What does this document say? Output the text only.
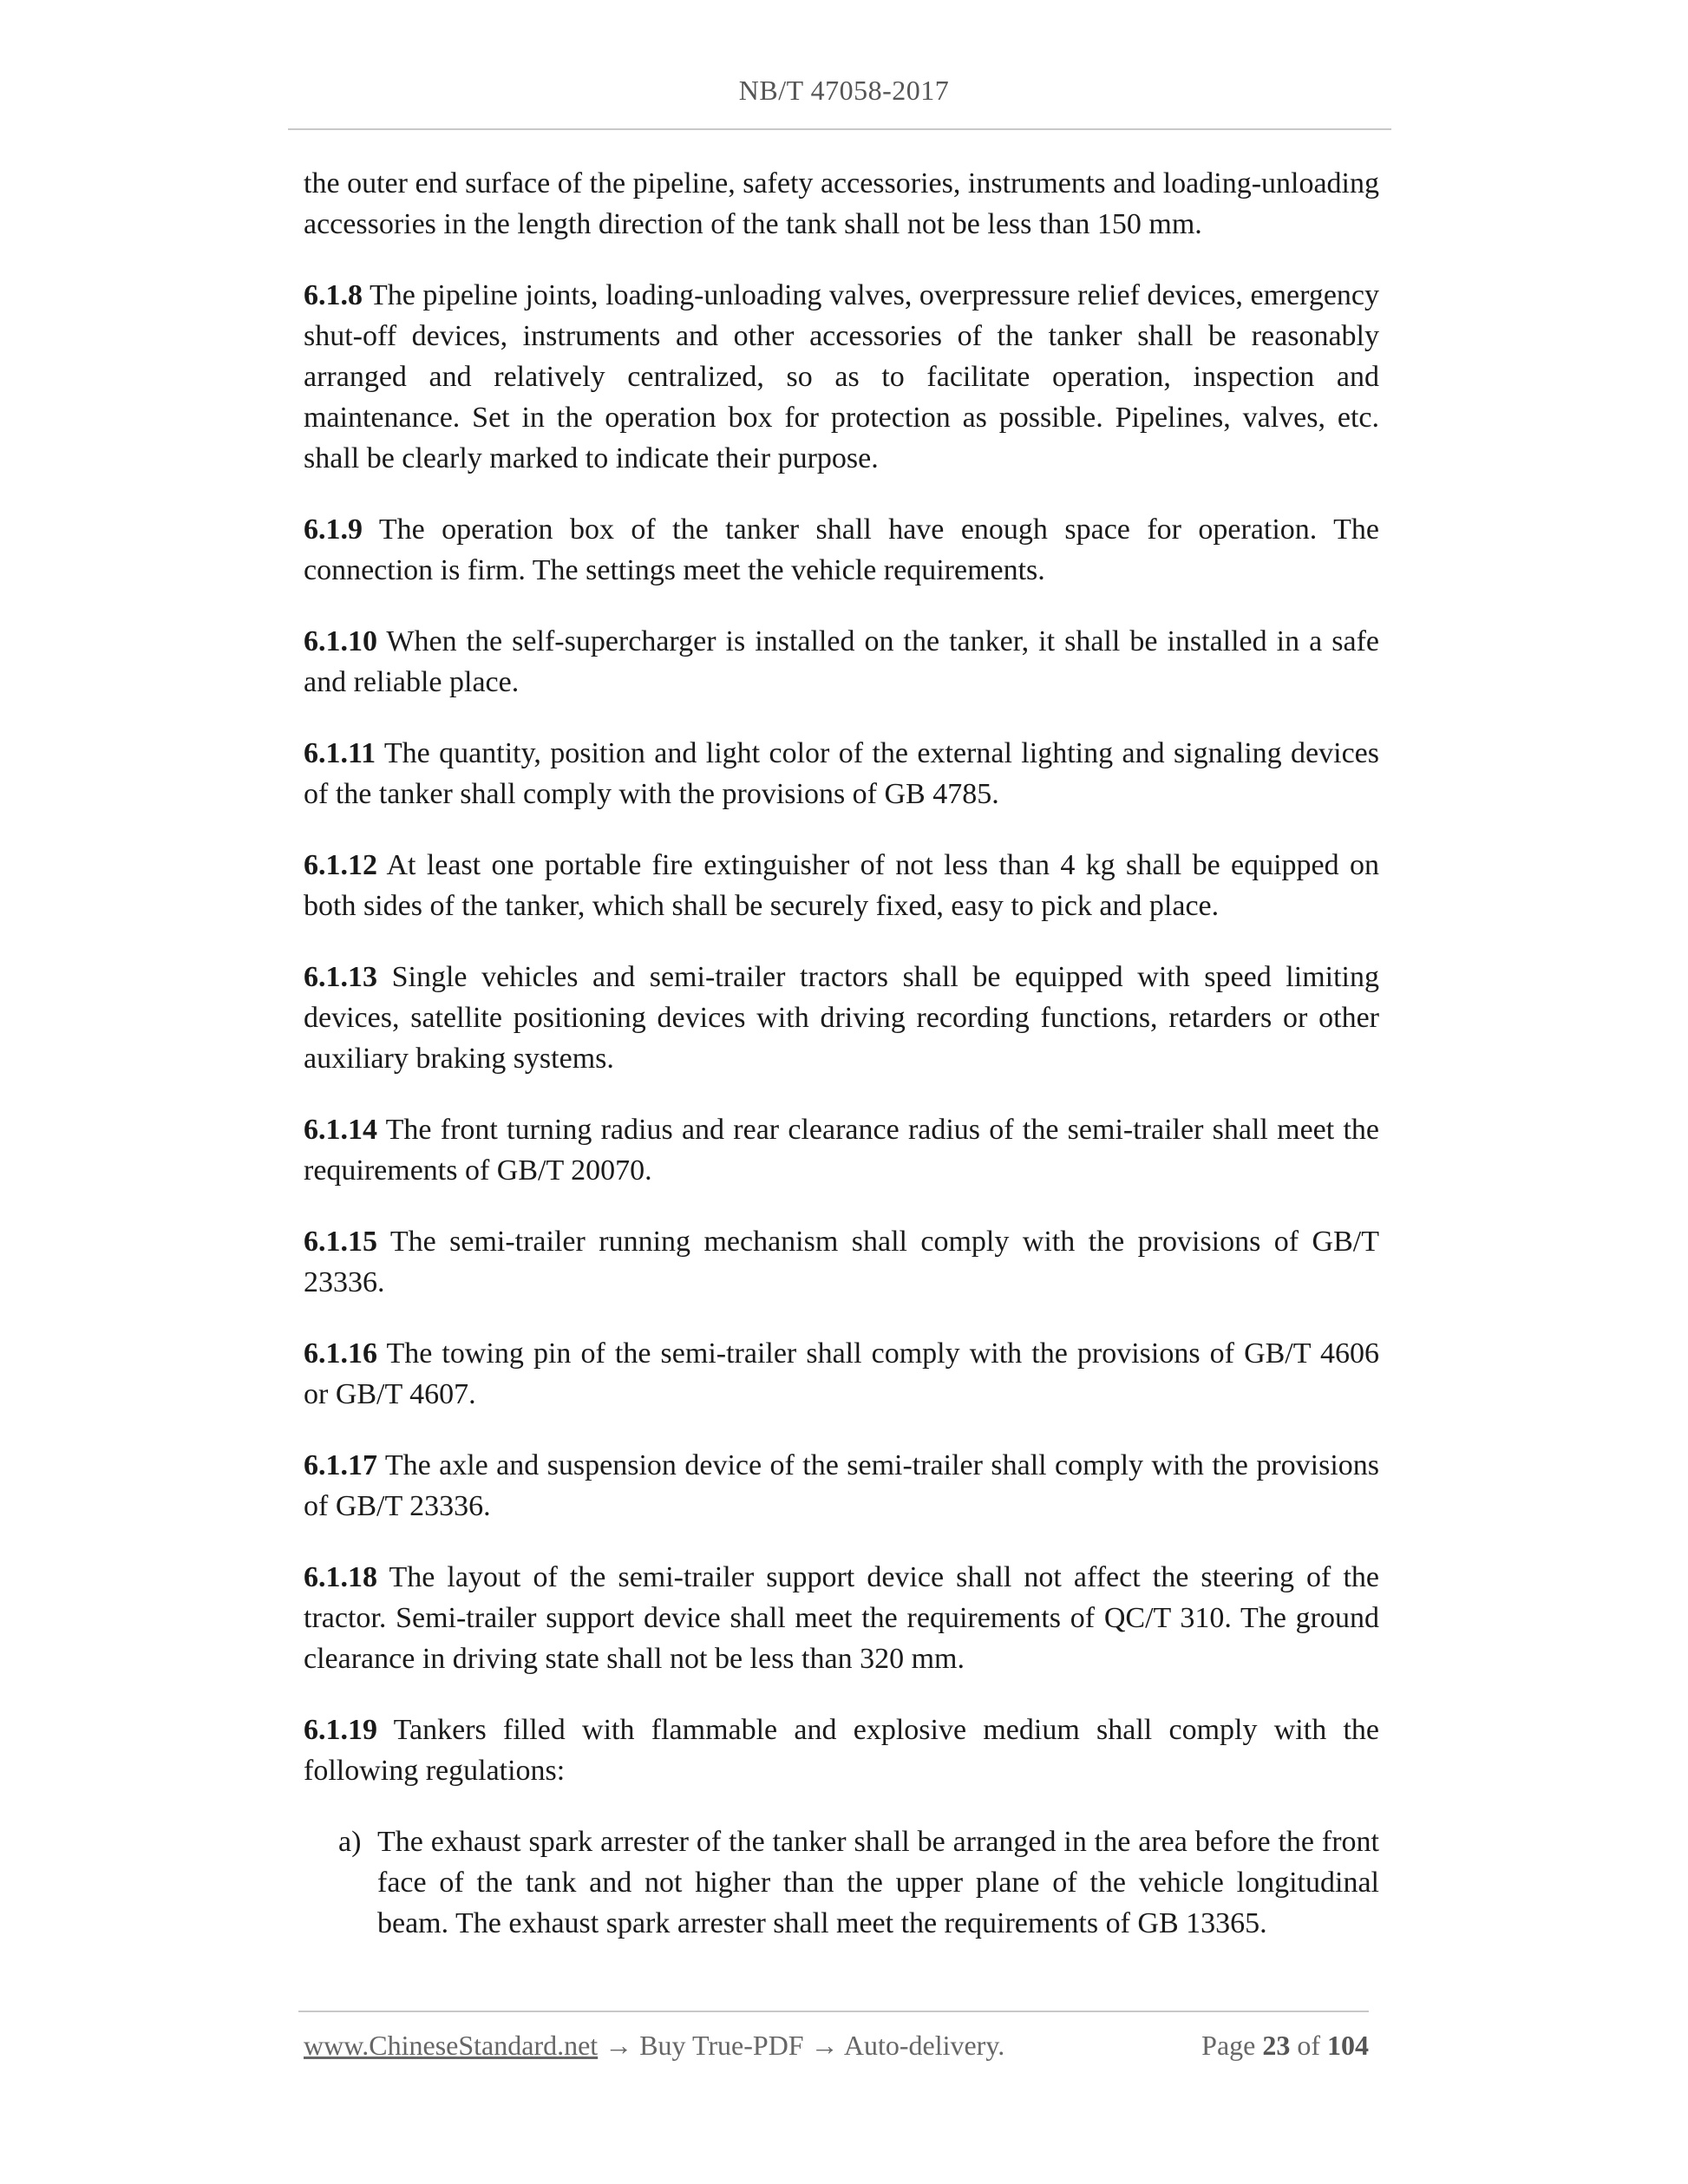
NB/T 47058-2017

the outer end surface of the pipeline, safety accessories, instruments and loading-unloading accessories in the length direction of the tank shall not be less than 150 mm.

6.1.8 The pipeline joints, loading-unloading valves, overpressure relief devices, emergency shut-off devices, instruments and other accessories of the tanker shall be reasonably arranged and relatively centralized, so as to facilitate operation, inspection and maintenance. Set in the operation box for protection as possible. Pipelines, valves, etc. shall be clearly marked to indicate their purpose.

6.1.9 The operation box of the tanker shall have enough space for operation. The connection is firm. The settings meet the vehicle requirements.

6.1.10 When the self-supercharger is installed on the tanker, it shall be installed in a safe and reliable place.

6.1.11 The quantity, position and light color of the external lighting and signaling devices of the tanker shall comply with the provisions of GB 4785.

6.1.12 At least one portable fire extinguisher of not less than 4 kg shall be equipped on both sides of the tanker, which shall be securely fixed, easy to pick and place.

6.1.13 Single vehicles and semi-trailer tractors shall be equipped with speed limiting devices, satellite positioning devices with driving recording functions, retarders or other auxiliary braking systems.

6.1.14 The front turning radius and rear clearance radius of the semi-trailer shall meet the requirements of GB/T 20070.

6.1.15 The semi-trailer running mechanism shall comply with the provisions of GB/T 23336.

6.1.16 The towing pin of the semi-trailer shall comply with the provisions of GB/T 4606 or GB/T 4607.

6.1.17 The axle and suspension device of the semi-trailer shall comply with the provisions of GB/T 23336.

6.1.18 The layout of the semi-trailer support device shall not affect the steering of the tractor. Semi-trailer support device shall meet the requirements of QC/T 310. The ground clearance in driving state shall not be less than 320 mm.

6.1.19 Tankers filled with flammable and explosive medium shall comply with the following regulations:

a) The exhaust spark arrester of the tanker shall be arranged in the area before the front face of the tank and not higher than the upper plane of the vehicle longitudinal beam. The exhaust spark arrester shall meet the requirements of GB 13365.
www.ChineseStandard.net → Buy True-PDF → Auto-delivery.	Page 23 of 104
